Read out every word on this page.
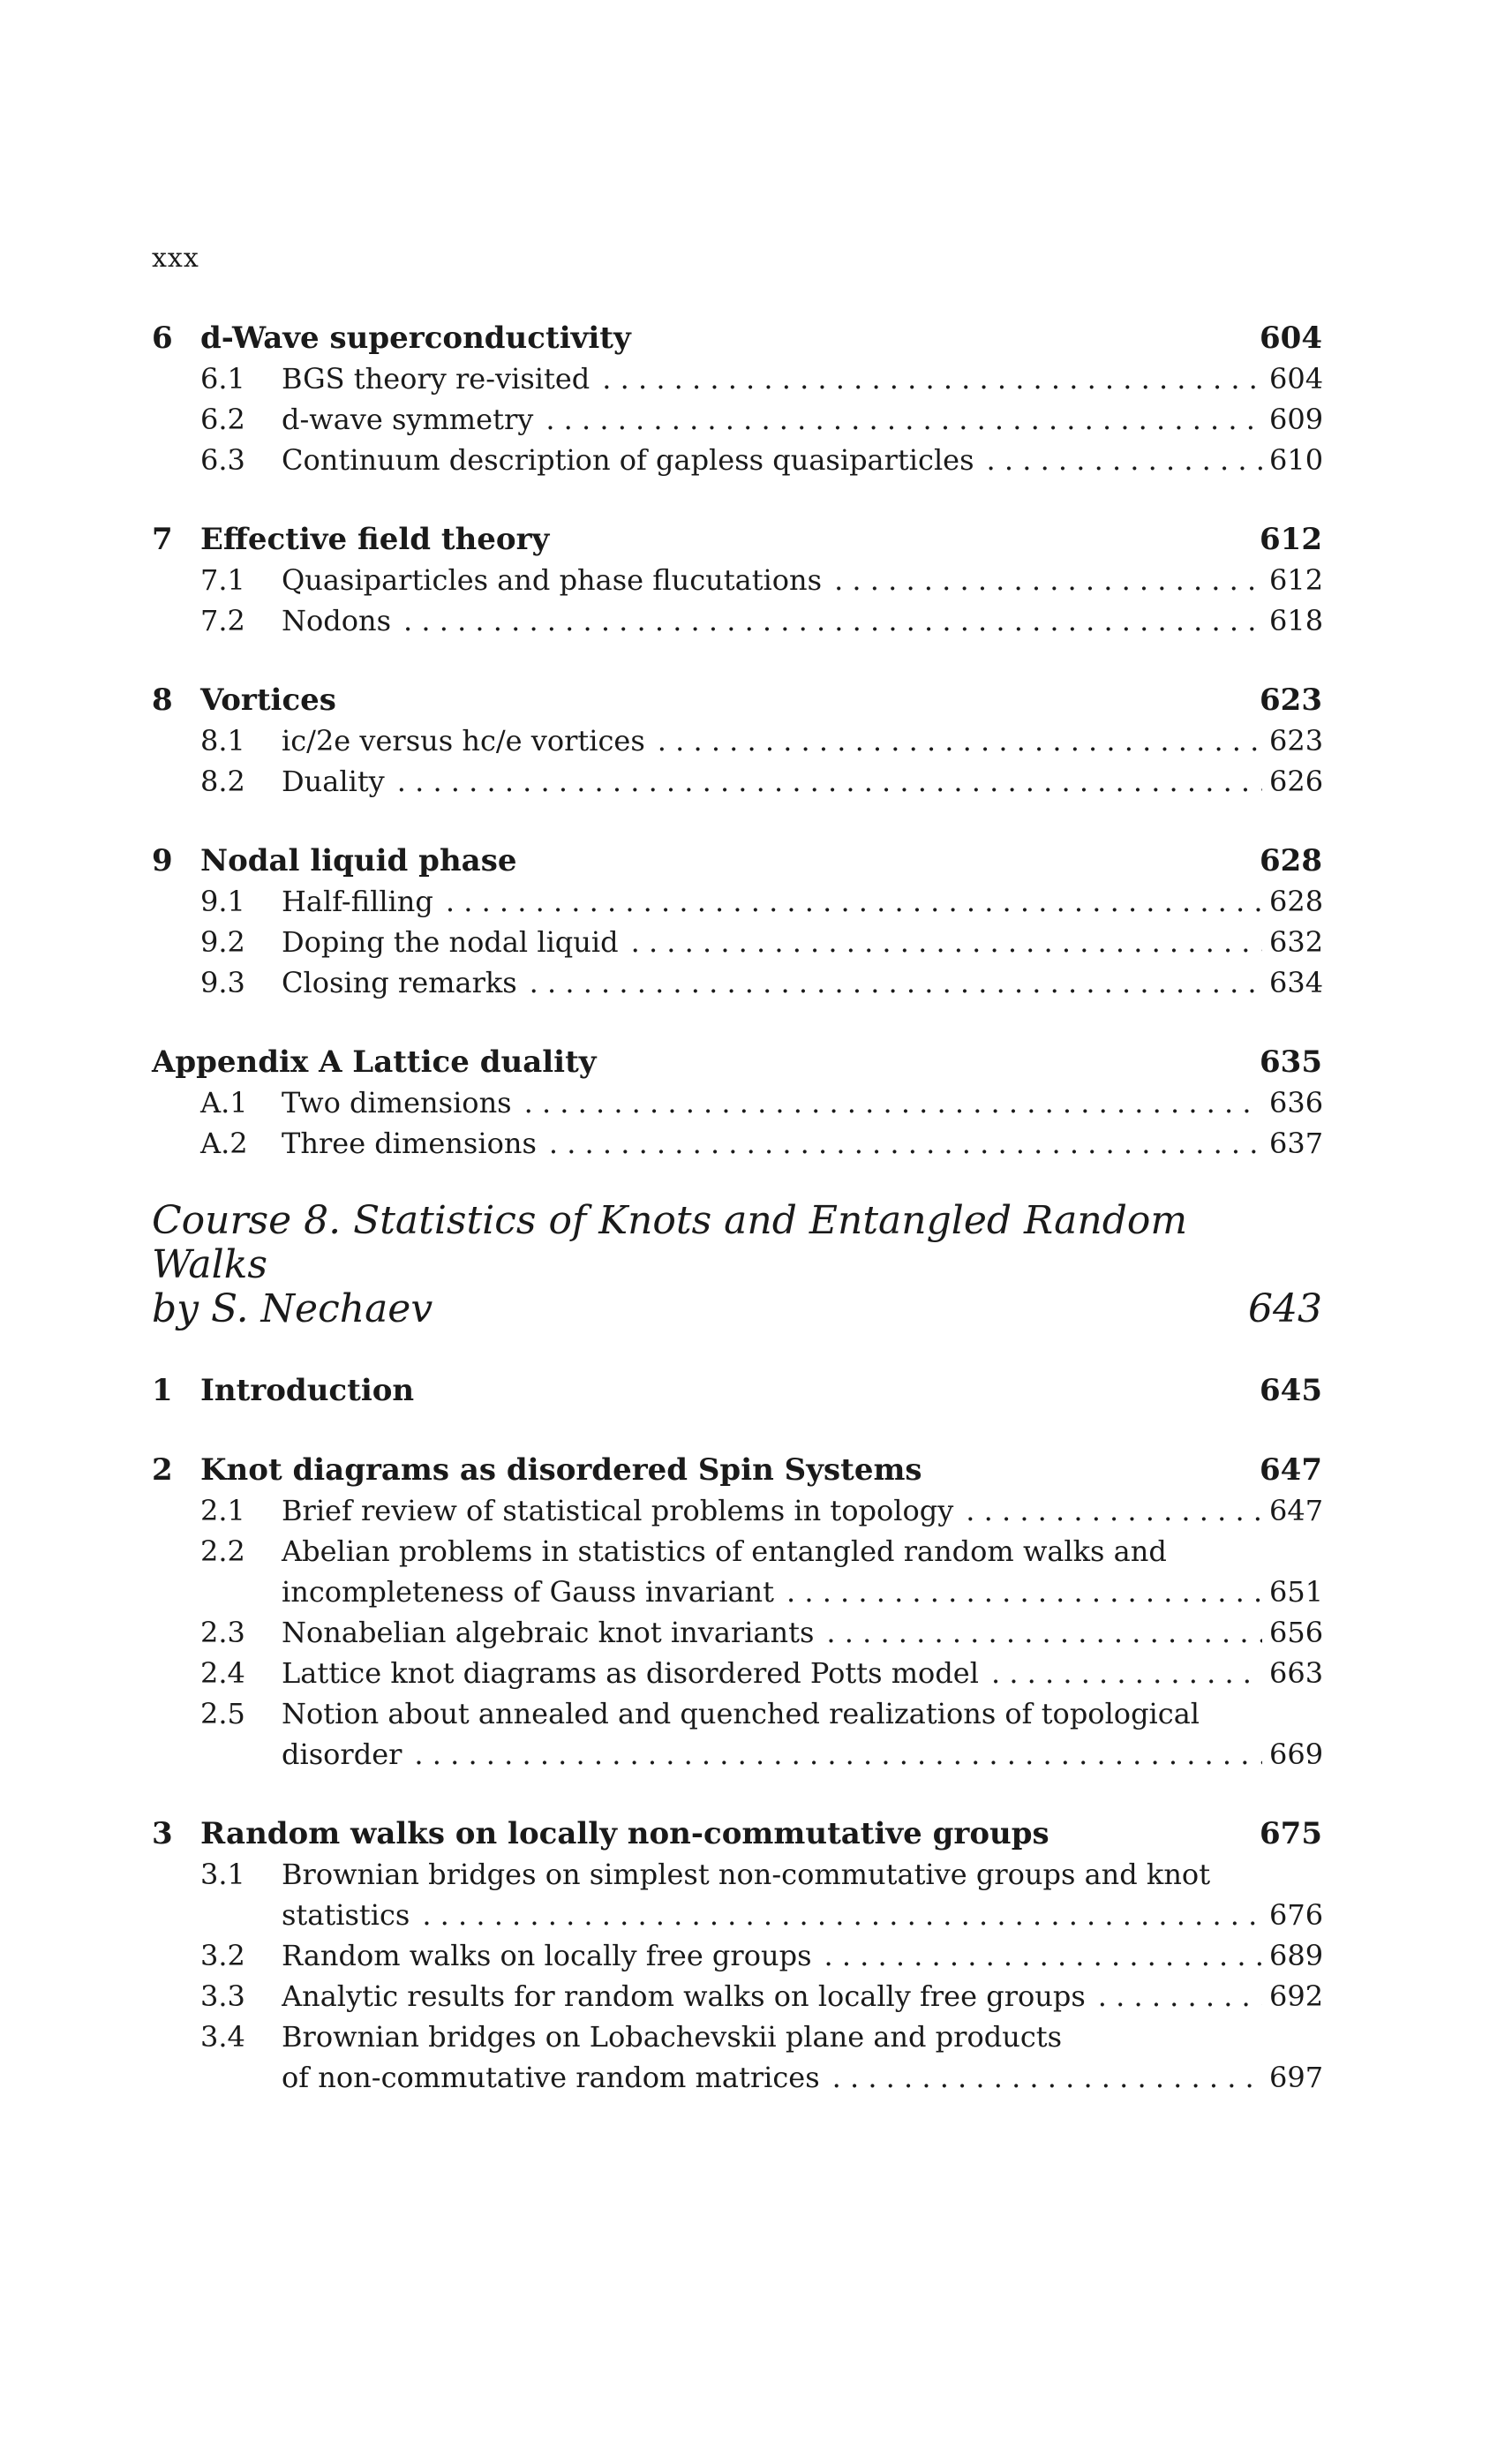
xxx
6 d-Wave superconductivity	604
6.1	BGS theory re-visited . . .	604
6.2	d-wave symmetry . . .	609
6.3	Continuum description of gapless quasiparticles . . .	610
7 Effective field theory	612
7.1	Quasiparticles and phase flucutations . . .	612
7.2	Nodons . . .	618
8 Vortices	623
8.1	ic/2e versus hc/e vortices . . .	623
8.2	Duality . . .	626
9 Nodal liquid phase	628
9.1	Half-filling . . .	628
9.2	Doping the nodal liquid . . .	632
9.3	Closing remarks . . .	634
Appendix A Lattice duality	635
A.1	Two dimensions . . .	636
A.2	Three dimensions . . .	637
Course 8. Statistics of Knots and Entangled Random
Walks
by S. Nechaev	643
1 Introduction	645
2 Knot diagrams as disordered Spin Systems	647
2.1	Brief review of statistical problems in topology . . .	647
2.2	Abelian problems in statistics of entangled random walks and
incompleteness of Gauss invariant . . .	651
2.3	Nonabelian algebraic knot invariants . . .	656
2.4	Lattice knot diagrams as disordered Potts model . . .	663
2.5	Notion about annealed and quenched realizations of topological
disorder . . .	669
3 Random walks on locally non-commutative groups	675
3.1	Brownian bridges on simplest non-commutative groups and knot
statistics . . .	676
3.2	Random walks on locally free groups . . .	689
3.3	Analytic results for random walks on locally free groups . . .	692
3.4	Brownian bridges on Lobachevskii plane and products
of non-commutative random matrices . . .	697
